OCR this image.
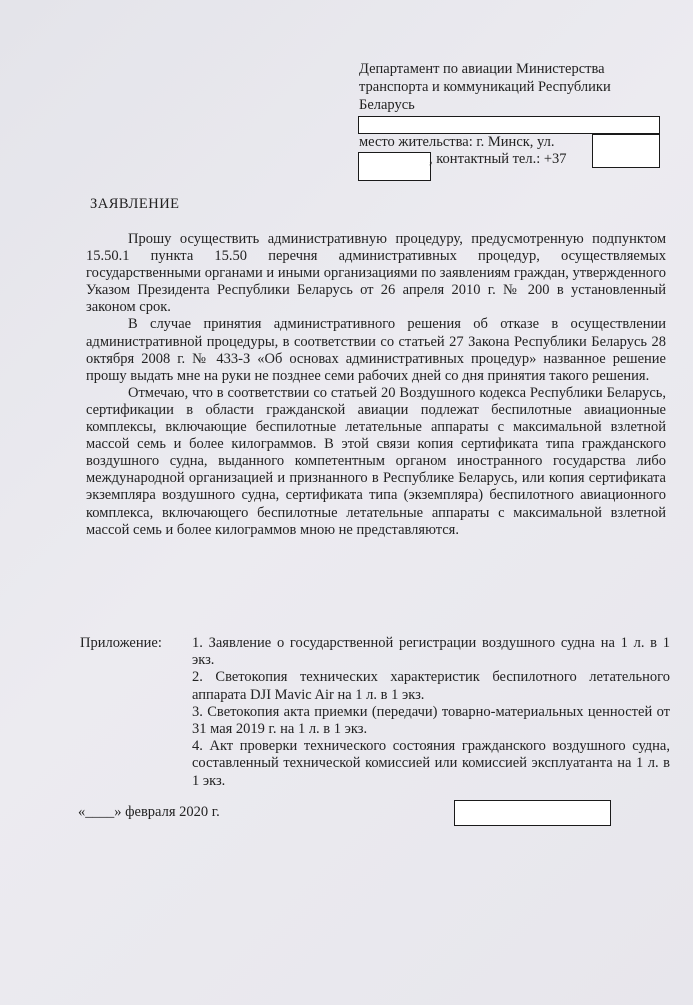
Департамент по авиации Министерства транспорта и коммуникаций Республики Беларусь
место жительства: г. Минск, ул.
, контактный тел.: +37
ЗАЯВЛЕНИЕ

Прошу осуществить административную процедуру, предусмотренную подпунктом 15.50.1 пункта 15.50 перечня административных процедур, осуществляемых государственными органами и иными организациями по заявлениям граждан, утвержденного Указом Президента Республики Беларусь от 26 апреля 2010 г. № 200 в установленный законом срок.

В случае принятия административного решения об отказе в осуществлении административной процедуры, в соответствии со статьей 27 Закона Республики Беларусь 28 октября 2008 г. № 433-З «Об основах административных процедур» названное решение прошу выдать мне на руки не позднее семи рабочих дней со дня принятия такого решения.

Отмечаю, что в соответствии со статьей 20 Воздушного кодекса Республики Беларусь, сертификации в области гражданской авиации подлежат беспилотные авиационные комплексы, включающие беспилотные летательные аппараты с максимальной взлетной массой семь и более килограммов. В этой связи копия сертификата типа гражданского воздушного судна, выданного компетентным органом иностранного государства либо международной организацией и признанного в Республике Беларусь, или копия сертификата экземпляра воздушного судна, сертификата типа (экземпляра) беспилотного авиационного комплекса, включающего беспилотные летательные аппараты с максимальной взлетной массой семь и более килограммов мною не представляются.

Приложение: 1. Заявление о государственной регистрации воздушного судна на 1 л. в 1 экз.
2. Светокопия технических характеристик беспилотного летательного аппарата DJI Mavic Air на 1 л. в 1 экз.
3. Светокопия акта приемки (передачи) товарно-материальных ценностей от 31 мая 2019 г. на 1 л. в 1 экз.
4. Акт проверки технического состояния гражданского воздушного судна, составленный технической комиссией или комиссией эксплуатанта на 1 л. в 1 экз.
«____» февраля 2020 г.
